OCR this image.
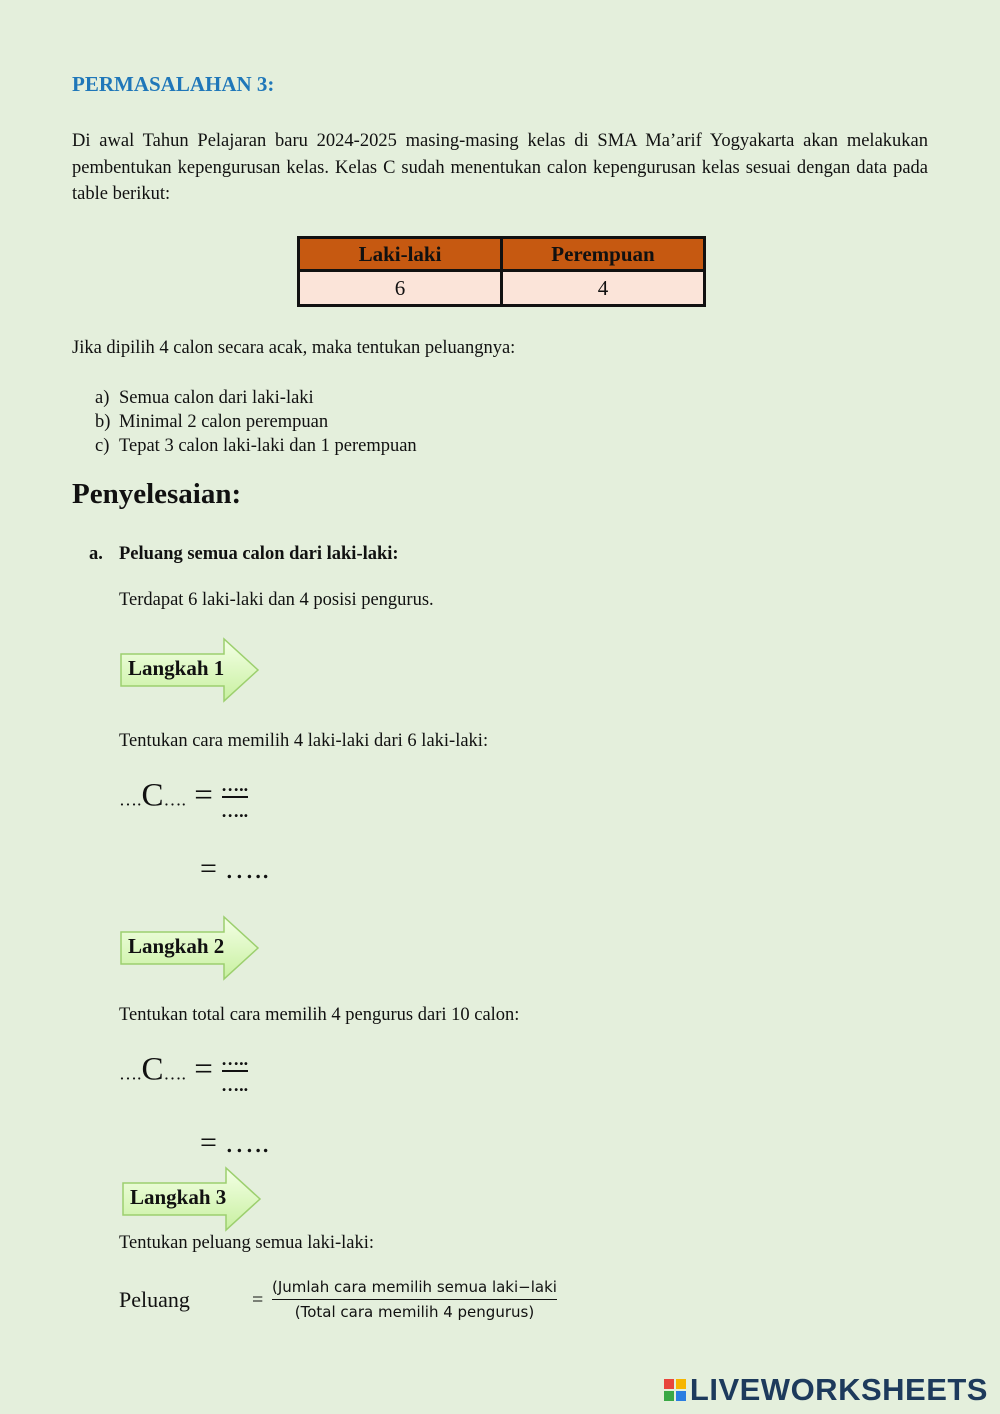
PERMASALAHAN 3:
Di awal Tahun Pelajaran baru 2024-2025 masing-masing kelas di SMA Ma’arif Yogyakarta akan melakukan pembentukan kepengurusan kelas. Kelas C sudah menentukan calon kepengurusan kelas sesuai dengan data pada table berikut:
Laki-laki	Perempuan
6	4
Jika dipilih 4 calon secara acak, maka tentukan peluangnya:
a) Semua calon dari laki-laki
b) Minimal 2 calon perempuan
c) Tepat 3 calon laki-laki dan 1 perempuan
Penyelesaian:
a. Peluang semua calon dari laki-laki:
Terdapat 6 laki-laki dan 4 posisi pengurus.
Langkah 1
Tentukan cara memilih 4 laki-laki dari 6 laki-laki:
….C…. = $\frac{\dots..}{\dots..}$
= …..
Langkah 2
Tentukan total cara memilih 4 pengurus dari 10 calon:
….C…. = $\frac{\dots..}{\dots..}$
= …..
Langkah 3
Tentukan peluang semua laki-laki:
Peluang	=
(Jumlah cara memilih semua laki−laki
(Total cara memilih 4 pengurus)
LIVEWORKSHEETS
